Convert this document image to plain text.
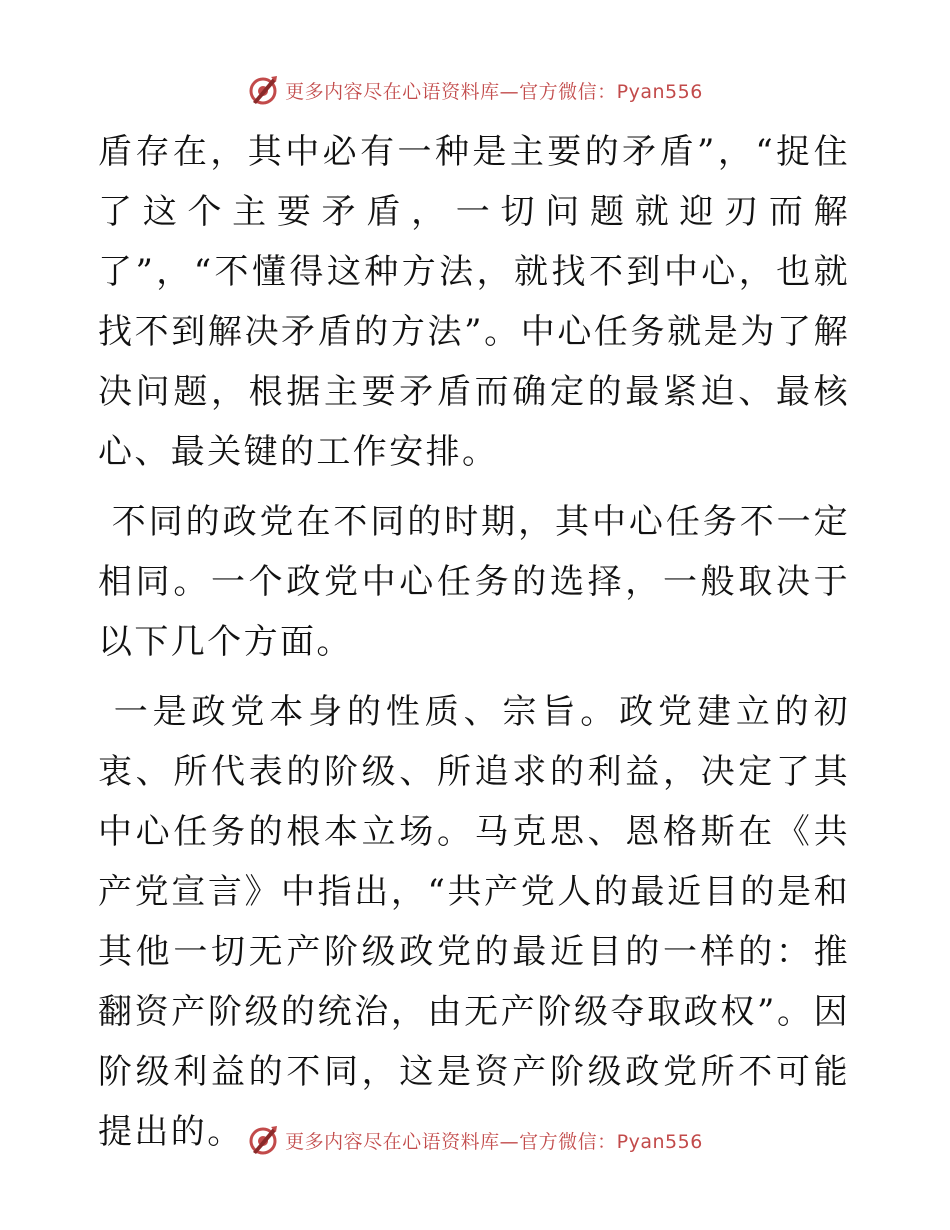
更多内容尽在心语资料库—官方微信：Pyan556

盾存在，其中必有一种是主要的矛盾”，“捉住了这个主要矛盾，一切问题就迎刃而解了”，“不懂得这种方法，就找不到中心，也就找不到解决矛盾的方法”。中心任务就是为了解决问题，根据主要矛盾而确定的最紧迫、最核心、最关键的工作安排。

不同的政党在不同的时期，其中心任务不一定相同。一个政党中心任务的选择，一般取决于以下几个方面。

一是政党本身的性质、宗旨。政党建立的初衷、所代表的阶级、所追求的利益，决定了其中心任务的根本立场。马克思、恩格斯在《共产党宣言》中指出，“共产党人的最近目的是和其他一切无产阶级政党的最近目的一样的：推翻资产阶级的统治，由无产阶级夺取政权”。因阶级利益的不同，这是资产阶级政党所不可能提出的。	更多内容尽在心语资料库—官方微信：Pyan556
